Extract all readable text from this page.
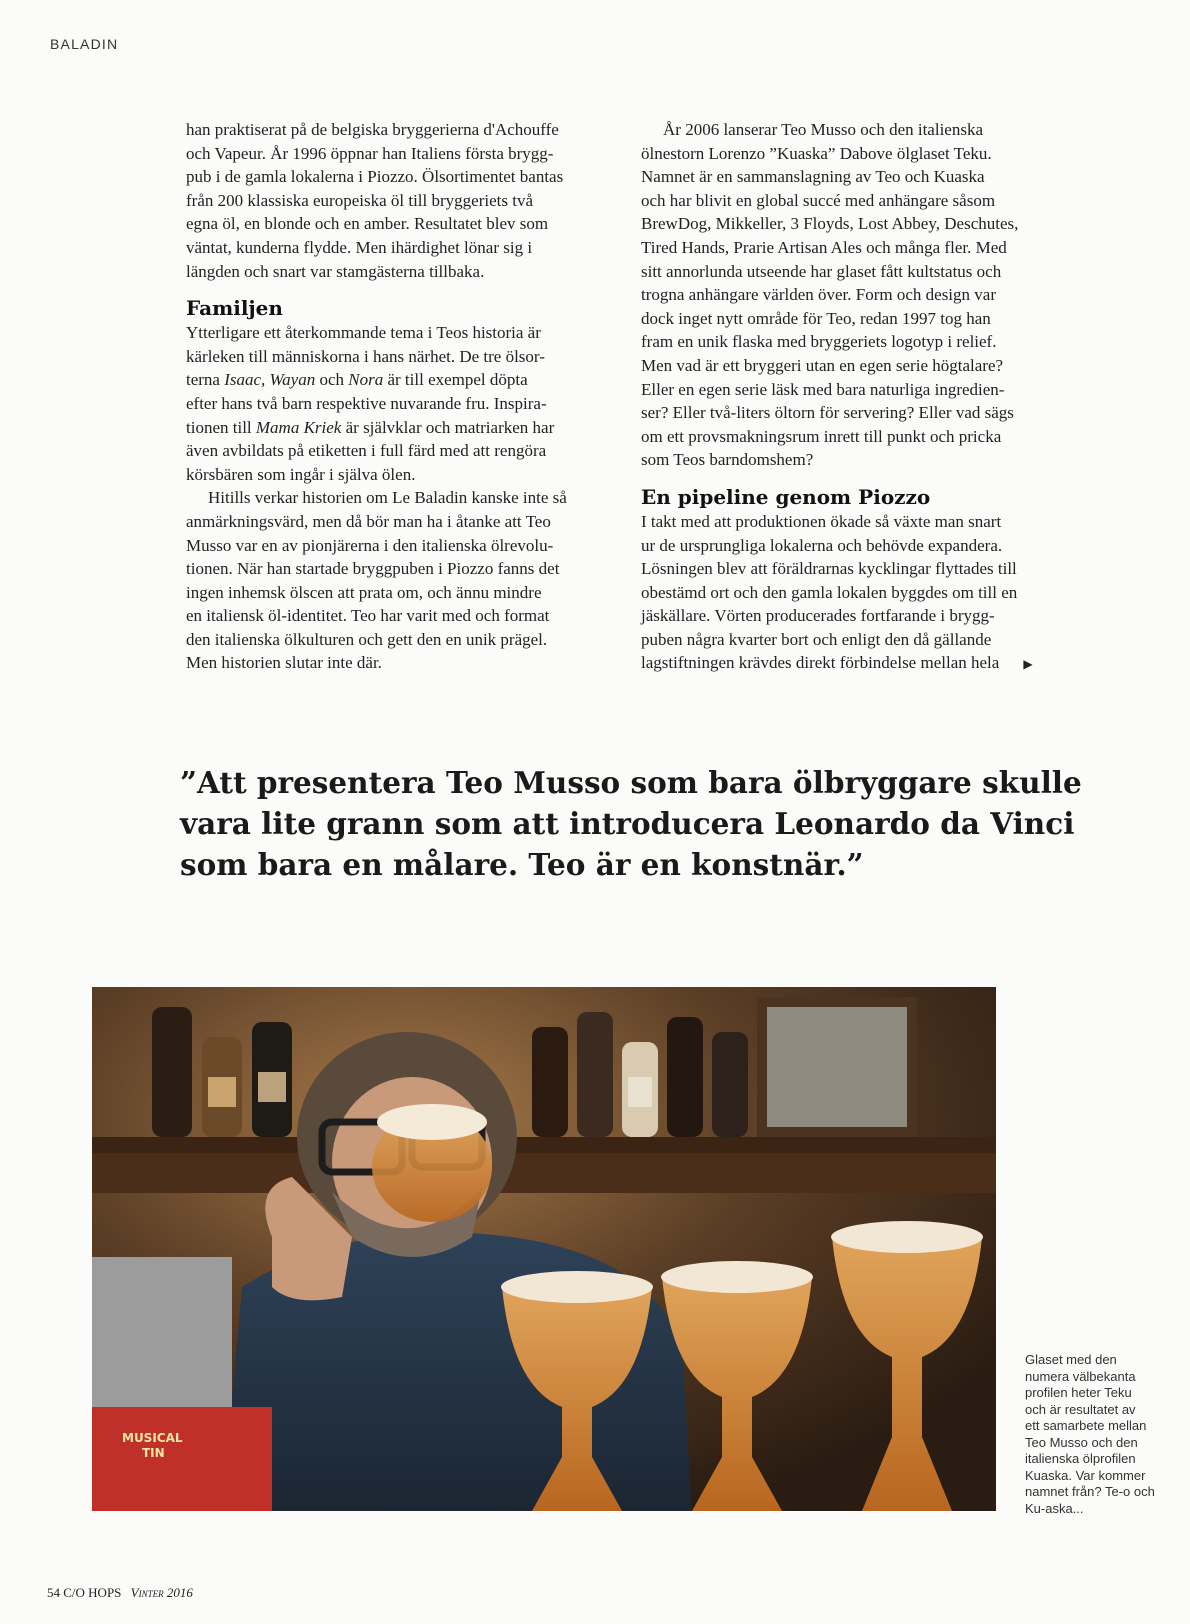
BALADIN

han praktiserat på de belgiska bryggerierna d'Achouffe
och Vapeur. År 1996 öppnar han Italiens första brygg-
pub i de gamla lokalerna i Piozzo. Ölsortimentet bantas
från 200 klassiska europeiska öl till bryggeriets två
egna öl, en blonde och en amber. Resultatet blev som
väntat, kunderna flydde. Men ihärdighet lönar sig i
längden och snart var stamgästerna tillbaka.

Familjen

Ytterligare ett återkommande tema i Teos historia är
kärleken till människorna i hans närhet. De tre ölsor-
terna Isaac, Wayan och Nora är till exempel döpta
efter hans två barn respektive nuvarande fru. Inspira-
tionen till Mama Kriek är självklar och matriarken har
även avbildats på etiketten i full färd med att rengöra
körsbären som ingår i själva ölen.

Hitills verkar historien om Le Baladin kanske inte så
anmärkningsvärd, men då bör man ha i åtanke att Teo
Musso var en av pionjärerna i den italienska ölrevolu-
tionen. När han startade bryggpuben i Piozzo fanns det
ingen inhemsk ölscen att prata om, och ännu mindre
en italiensk öl-identitet. Teo har varit med och format
den italienska ölkulturen och gett den en unik prägel.
Men historien slutar inte där.

År 2006 lanserar Teo Musso och den italienska
ölnestorn Lorenzo ”Kuaska” Dabove ölglaset Teku.
Namnet är en sammanslagning av Teo och Kuaska
och har blivit en global succé med anhängare såsom
BrewDog, Mikkeller, 3 Floyds, Lost Abbey, Deschutes,
Tired Hands, Prarie Artisan Ales och många fler. Med
sitt annorlunda utseende har glaset fått kultstatus och
trogna anhängare världen över. Form och design var
dock inget nytt område för Teo, redan 1997 tog han
fram en unik flaska med bryggeriets logotyp i relief.
Men vad är ett bryggeri utan en egen serie högtalare?
Eller en egen serie läsk med bara naturliga ingredien-
ser? Eller två-liters öltorn för servering? Eller vad sägs
om ett provsmakningsrum inrett till punkt och pricka
som Teos barndomshem?

En pipeline genom Piozzo

I takt med att produktionen ökade så växte man snart
ur de ursprungliga lokalerna och behövde expandera.
Lösningen blev att föräldrarnas kycklingar flyttades till
obestämd ort och den gamla lokalen byggdes om till en
jäskällare. Vörten producerades fortfarande i brygg-
puben några kvarter bort och enligt den då gällande
lagstiftningen krävdes direkt förbindelse mellan hela ▶

”Att presentera Teo Musso som bara ölbryggare skulle vara lite grann som att introducera Leonardo da Vinci som bara en målare. Teo är en konstnär.”
MUSICAL
TIN
Glaset med den
numera välbekanta
profilen heter Teku
och är resultatet av
ett samarbete mellan
Teo Musso och den
italienska ölprofilen
Kuaska. Var kommer
namnet från? Te-o och
Ku-aska...
54 C/O HOPS Vinter 2016
